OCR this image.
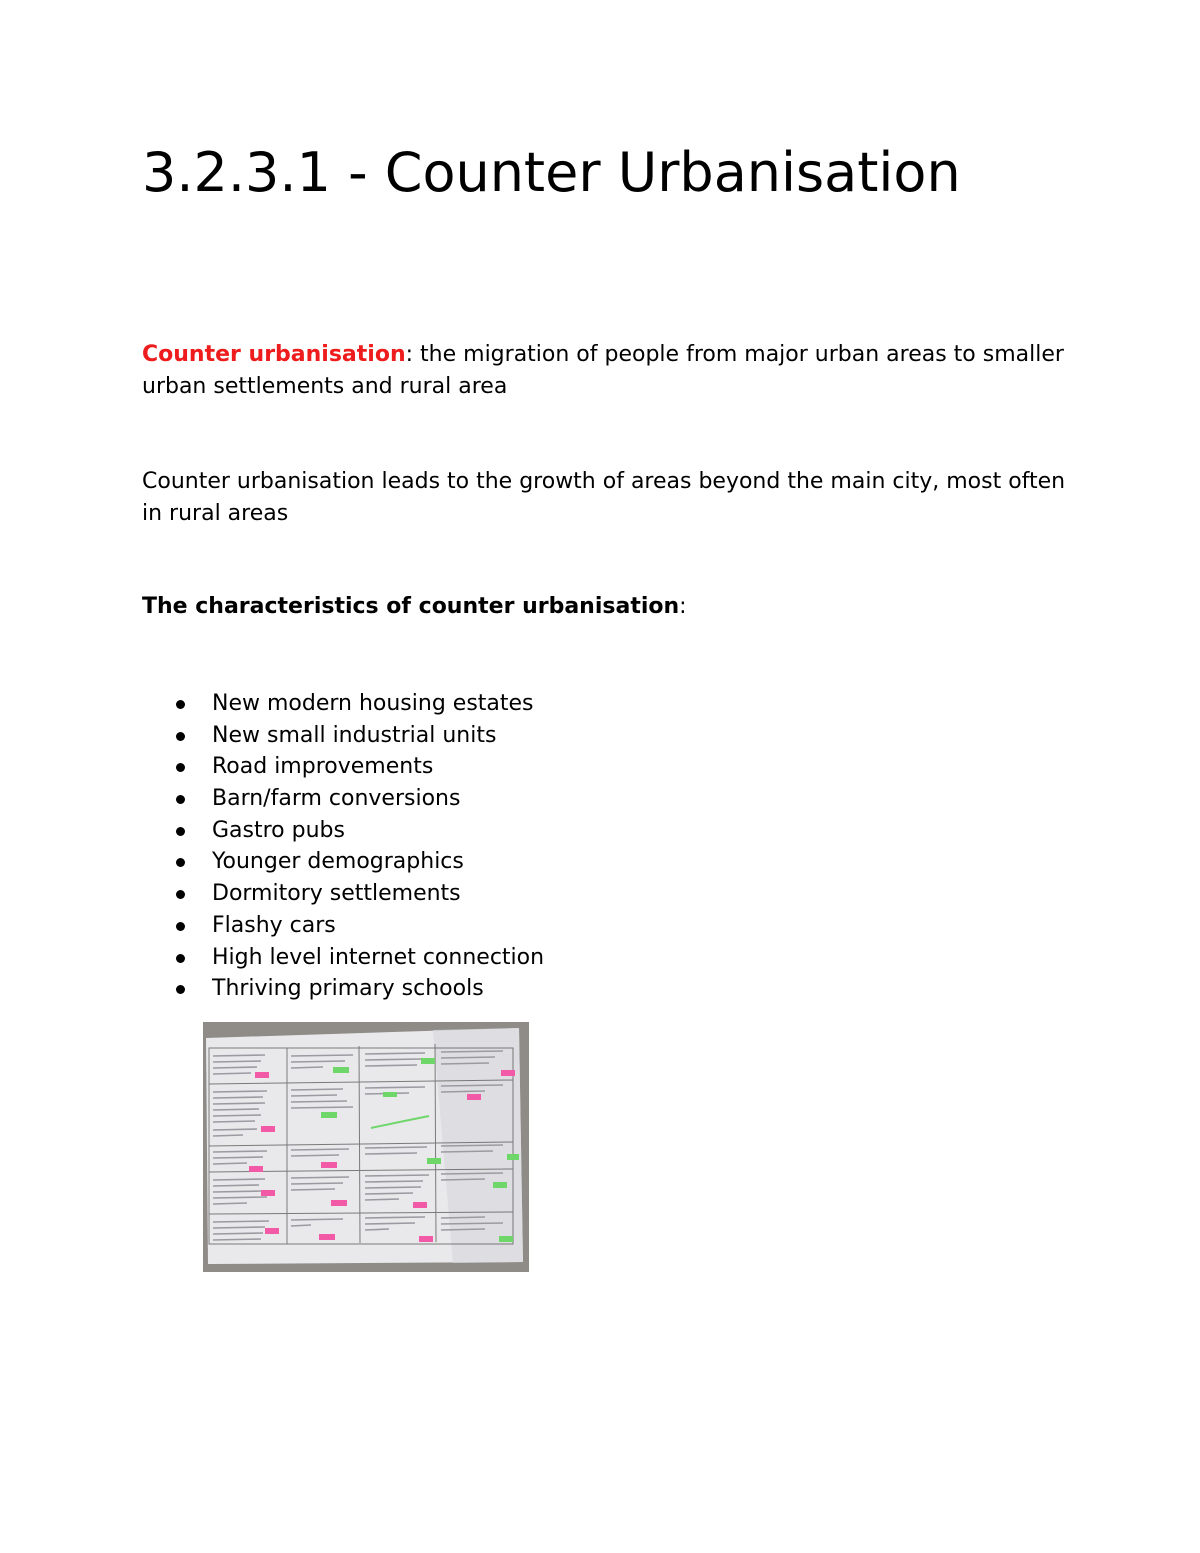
3.2.3.1 - Counter Urbanisation

Counter urbanisation: the migration of people from major urban areas to smaller urban settlements and rural area

Counter urbanisation leads to the growth of areas beyond the main city, most often in rural areas

The characteristics of counter urbanisation:

New modern housing estates
New small industrial units
Road improvements
Barn/farm conversions
Gastro pubs
Younger demographics
Dormitory settlements
Flashy cars
High level internet connection
Thriving primary schools
